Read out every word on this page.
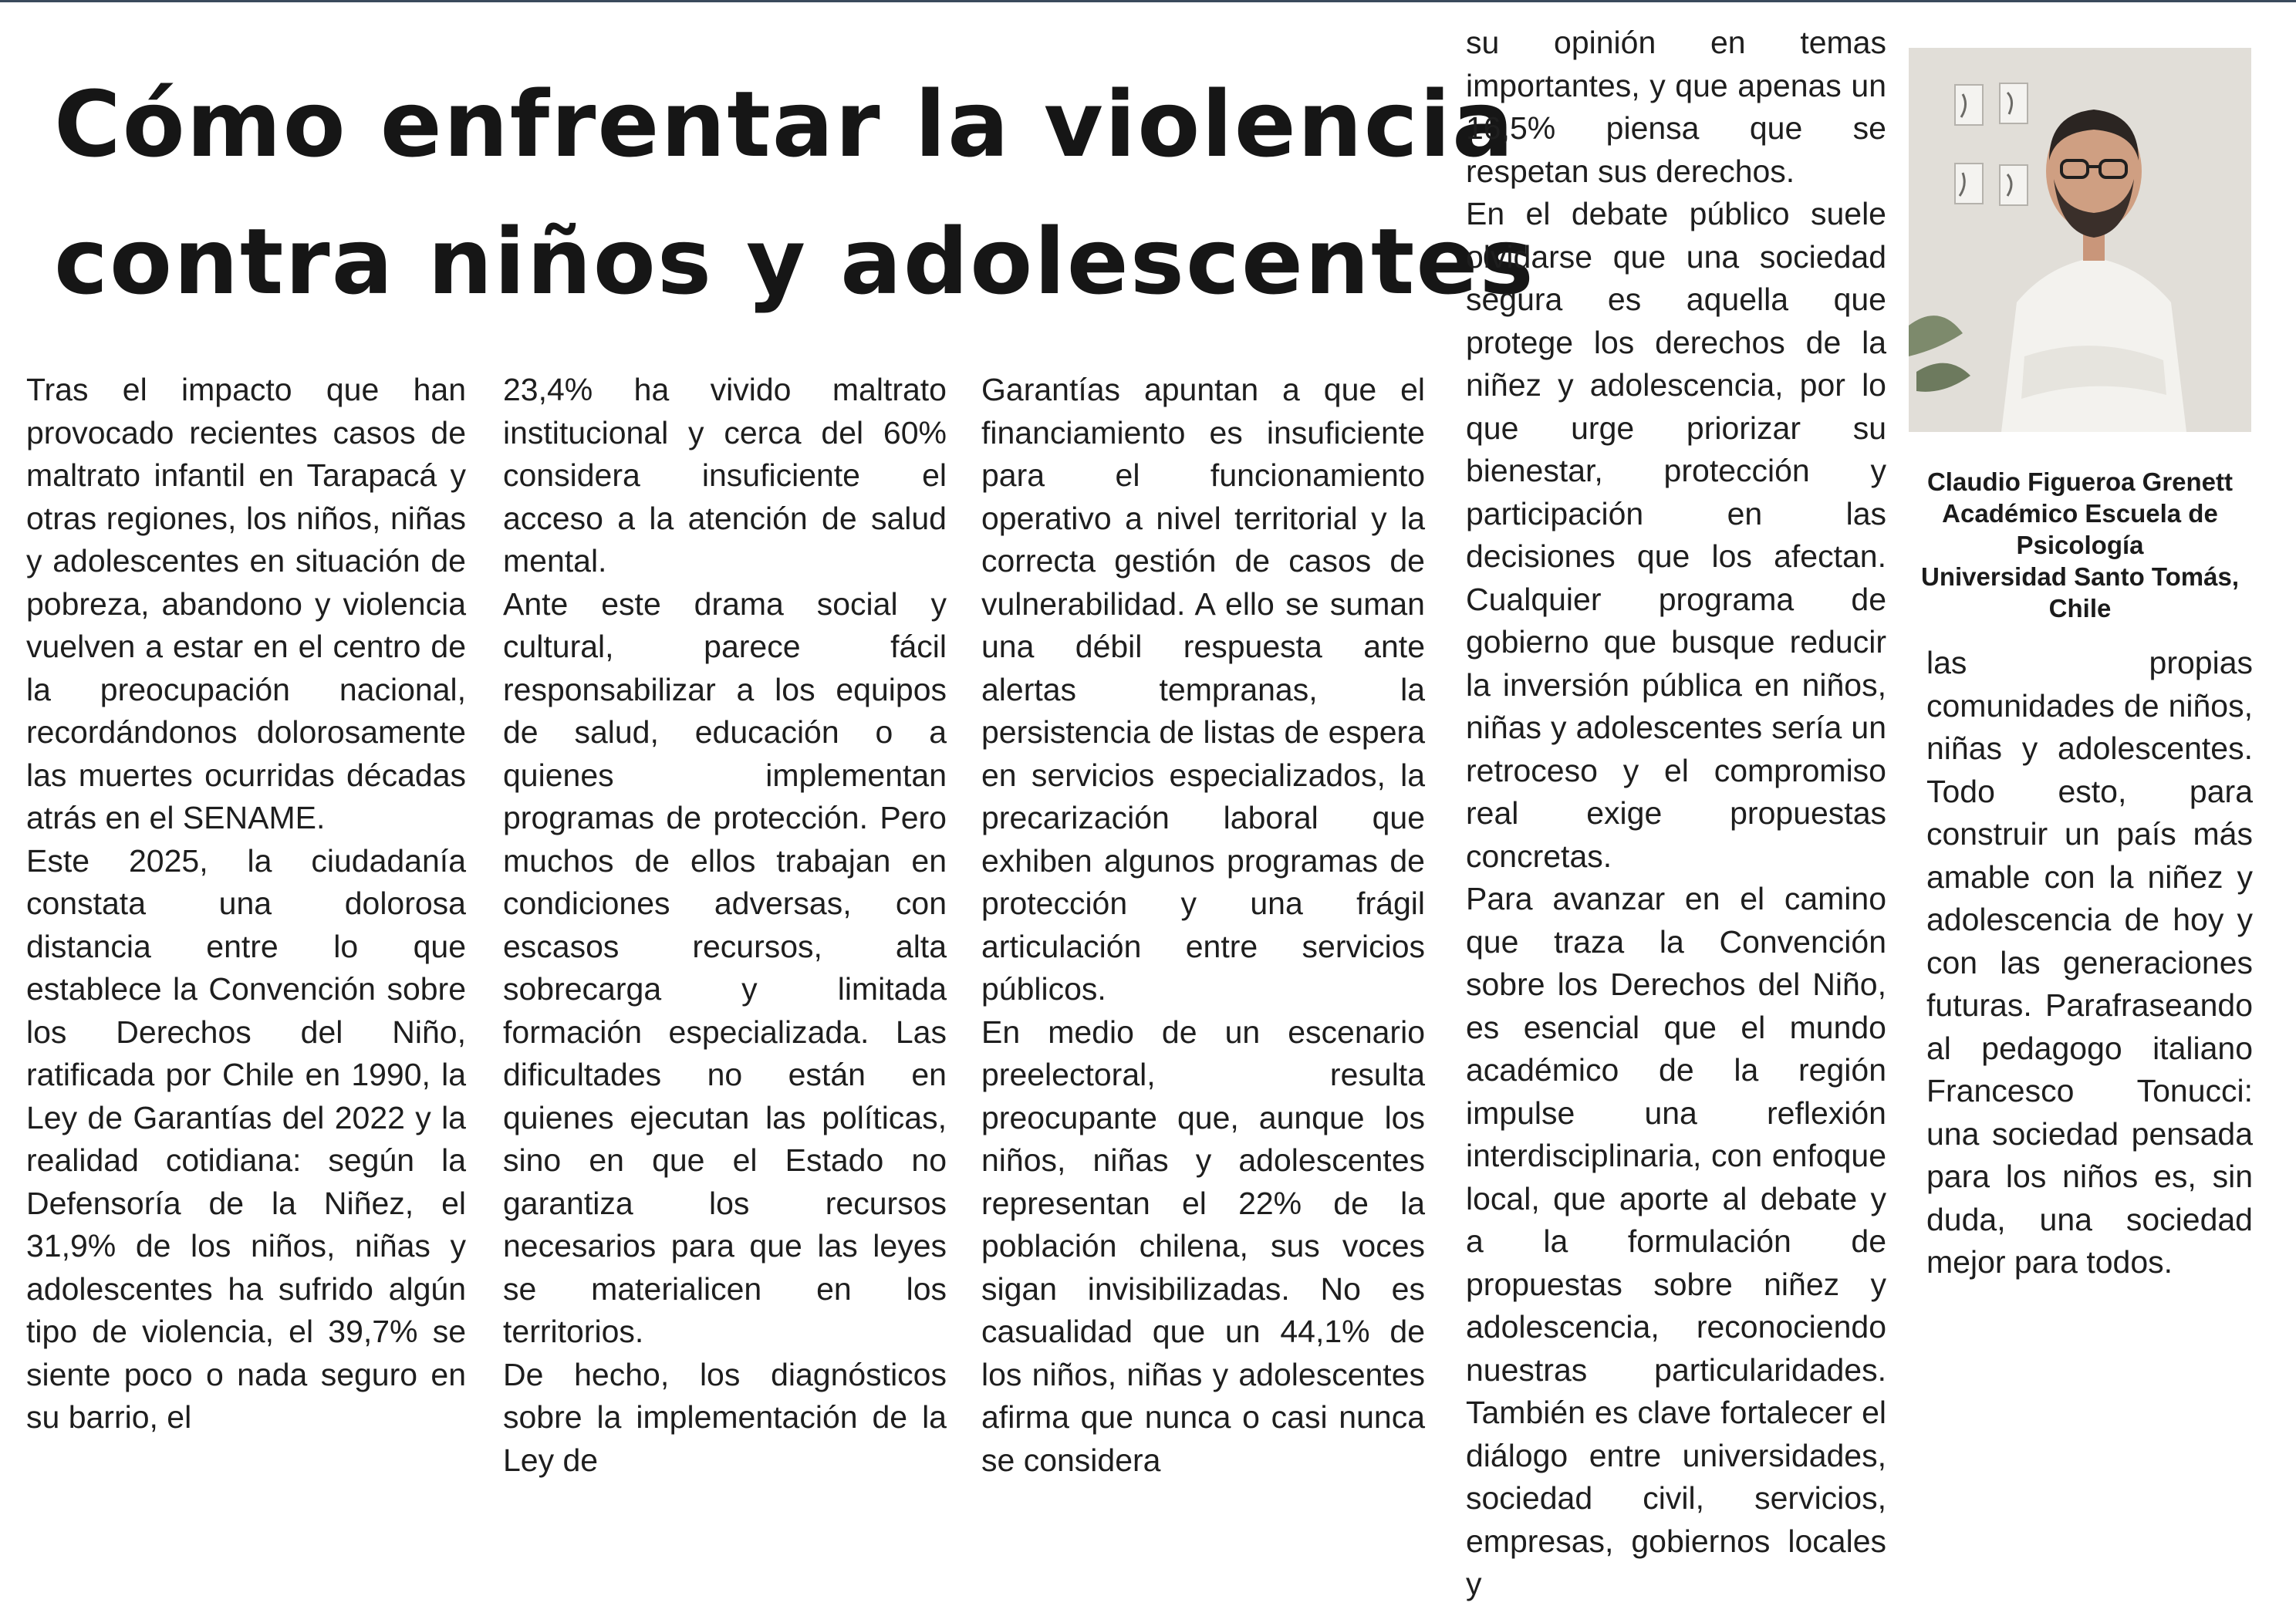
Cómo enfrentar la violencia
contra niños y adolescentes

Tras el impacto que han provocado recientes casos de maltrato infantil en Tarapacá y otras regiones, los niños, niñas y adolescentes en situación de pobreza, abandono y violencia vuelven a estar en el centro de la preocupación nacional, recordándonos dolorosamente las muertes ocurridas décadas atrás en el SENAME.

Este 2025, la ciudadanía constata una dolorosa distancia entre lo que establece la Convención sobre los Derechos del Niño, ratificada por Chile en 1990, la Ley de Garantías del 2022 y la realidad cotidiana: según la Defensoría de la Niñez, el 31,9% de los niños, niñas y adolescentes ha sufrido algún tipo de violencia, el 39,7% se siente poco o nada seguro en su barrio, el

23,4% ha vivido maltrato institucional y cerca del 60% considera insuficiente el acceso a la atención de salud mental.

Ante este drama social y cultural, parece fácil responsabilizar a los equipos de salud, educación o a quienes implementan programas de protección. Pero muchos de ellos trabajan en condiciones adversas, con escasos recursos, alta sobrecarga y limitada formación especializada. Las dificultades no están en quienes ejecutan las políticas, sino en que el Estado no garantiza los recursos necesarios para que las leyes se materialicen en los territorios.

De hecho, los diagnósticos sobre la implementación de la Ley de

Garantías apuntan a que el financiamiento es insuficiente para el funcionamiento operativo a nivel territorial y la correcta gestión de casos de vulnerabilidad. A ello se suman una débil respuesta ante alertas tempranas, la persistencia de listas de espera en servicios especializados, la precarización laboral que exhiben algunos programas de protección y una frágil articulación entre servicios públicos.

En medio de un escenario preelectoral, resulta preocupante que, aunque los niños, niñas y adolescentes representan el 22% de la población chilena, sus voces sigan invisibilizadas. No es casualidad que un 44,1% de los niños, niñas y adolescentes afirma que nunca o casi nunca se considera

su opinión en temas importantes, y que apenas un 16,5% piensa que se respetan sus derechos.

En el debate público suele olvidarse que una sociedad segura es aquella que protege los derechos de la niñez y adolescencia, por lo que urge priorizar su bienestar, protección y participación en las decisiones que los afectan. Cualquier programa de gobierno que busque reducir la inversión pública en niños, niñas y adolescentes sería un retroceso y el compromiso real exige propuestas concretas.

Para avanzar en el camino que traza la Convención sobre los Derechos del Niño, es esencial que el mundo académico de la región impulse una reflexión interdisciplinaria, con enfoque local, que aporte al debate y a la formulación de propuestas sobre niñez y adolescencia, reconociendo nuestras particularidades. También es clave fortalecer el diálogo entre universidades, sociedad civil, servicios, empresas, gobiernos locales y

Claudio Figueroa Grenett
Académico Escuela de
Psicología
Universidad Santo Tomás,
Chile

las propias comunidades de niños, niñas y adolescentes. Todo esto, para construir un país más amable con la niñez y adolescencia de hoy y con las generaciones futuras. Parafraseando al pedagogo italiano Francesco Tonucci: una sociedad pensada para los niños es, sin duda, una sociedad mejor para todos.
